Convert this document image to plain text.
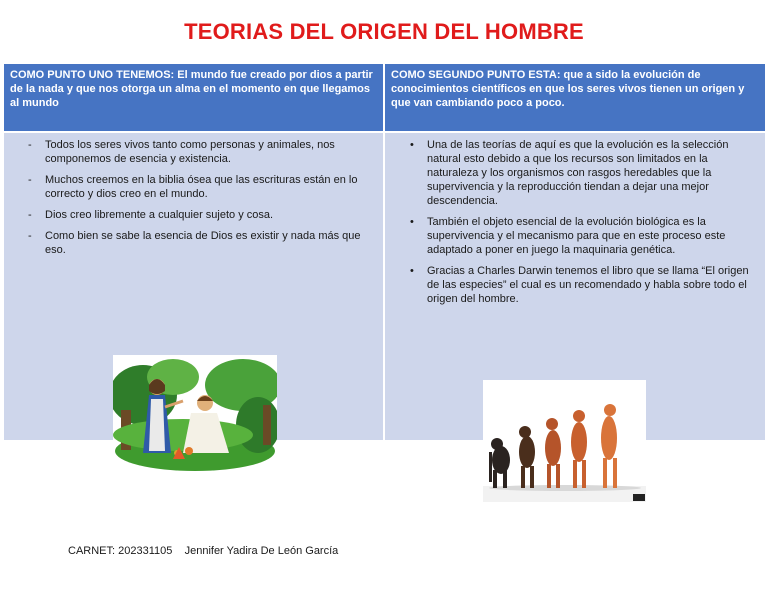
TEORIAS DEL ORIGEN DEL HOMBRE
COMO PUNTO UNO TENEMOS: El mundo fue creado por dios a partir de la nada y que nos otorga un alma en el momento en que llegamos al mundo
COMO SEGUNDO PUNTO ESTA: que a sido la evolución de conocimientos científicos en que los seres vivos tienen un origen y que van cambiando poco a poco.
- Todos los seres vivos tanto como personas y animales, nos componemos de esencia y existencia.
- Muchos creemos en la biblia ósea que las escrituras están en lo correcto y dios creo en el mundo.
- Dios creo libremente a cualquier sujeto y cosa.
- Como bien se sabe la esencia de Dios es existir y nada más que eso.
• Una de las teorías de aquí es que la evolución es la selección natural esto debido a que los recursos son limitados en la naturaleza y los organismos con rasgos heredables que la supervivencia y la reproducción tiendan a dejar una mejor descendencia.
• También el objeto esencial de la evolución biológica es la supervivencia y el mecanismo para que en este proceso este adaptado a poner en juego la maquinaria genética.
• Gracias a Charles Darwin tenemos el libro que se llama “El origen de las especies” el cual es un recomendado y habla sobre todo el origen del hombre.
CARNET: 202331105    Jennifer Yadira De León García
